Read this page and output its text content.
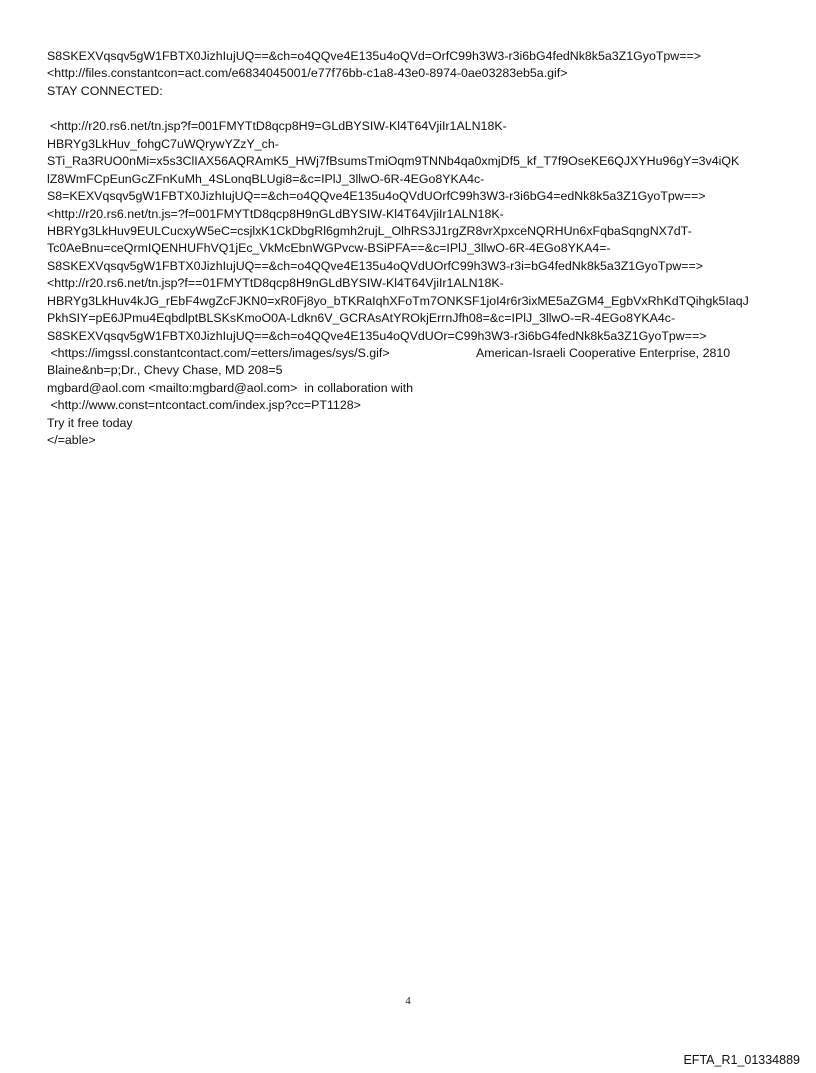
S8SKEXVqsqv5gW1FBTX0JizhIujUQ==&ch=o4QQve4E135u4oQVd=OrfC99h3W3-r3i6bG4fedNk8k5a3Z1GyoTpw==>
<http://files.constantcon=act.com/e6834045001/e77f76bb-c1a8-43e0-8974-0ae03283eb5a.gif>
STAY CONNECTED:
<http://r20.rs6.net/tn.jsp?f=001FMYTtD8qcp8H9=GLdBYSIW-Kl4T64VjiIr1ALN18K-
HBRYg3LkHuv_fohgC7uWQrywYZzY_ch-
STi_Ra3RUO0nMi=x5s3ClIAX56AQRAmK5_HWj7fBsumsTmiOqm9TNNb4qa0xmjDf5_kf_T7f9OseKE6QJXYHu96gY=3v4iQK
lZ8WmFCpEunGcZFnKuMh_4SLonqBLUgi8=&c=IPlJ_3llwO-6R-4EGo8YKA4c-
S8=KEXVqsqv5gW1FBTX0JizhIujUQ==&ch=o4QQve4E135u4oQVdUOrfC99h3W3-r3i6bG4=edNk8k5a3Z1GyoTpw==>
<http://r20.rs6.net/tn.js=?f=001FMYTtD8qcp8H9nGLdBYSIW-Kl4T64VjiIr1ALN18K-
HBRYg3LkHuv9EULCucxyW5eC=csjlxK1CkDbgRl6gmh2rujL_OlhRS3J1rgZR8vrXpxceNQRHUn6xFqbaSqngNX7dT-
Tc0AeBnu=ceQrmIQENHUFhVQ1jEc_VkMcEbnWGPvcw-BSiPFA==&c=IPlJ_3llwO-6R-4EGo8YKA4=-
S8SKEXVqsqv5gW1FBTX0JizhIujUQ==&ch=o4QQve4E135u4oQVdUOrfC99h3W3-r3i=bG4fedNk8k5a3Z1GyoTpw==>
<http://r20.rs6.net/tn.jsp?f==01FMYTtD8qcp8H9nGLdBYSIW-Kl4T64VjiIr1ALN18K-
HBRYg3LkHuv4kJG_rEbF4wgZcFJKN0=xR0Fj8yo_bTKRaIqhXFoTm7ONKSF1joI4r6r3ixME5aZGM4_EgbVxRhKdTQihgk5IaqJ
PkhSIY=pE6JPmu4EqbdlptBLSKsKmoO0A-Ldkn6V_GCRAsAtYROkjErrnJfh08=&c=IPlJ_3llwO-=R-4EGo8YKA4c-
S8SKEXVqsqv5gW1FBTX0JizhIujUQ==&ch=o4QQve4E135u4oQVdUOr=C99h3W3-r3i6bG4fedNk8k5a3Z1GyoTpw==>
<https://imgssl.constantcontact.com/=etters/images/sys/S.gif>	American-Israeli Cooperative Enterprise, 2810
Blaine&nb=p;Dr., Chevy Chase, MD 208=5
mgbard@aol.com <mailto:mgbard@aol.com>  in collaboration with
<http://www.const=ntcontact.com/index.jsp?cc=PT1128>
Try it free today
</=able>
4
EFTA_R1_01334889
